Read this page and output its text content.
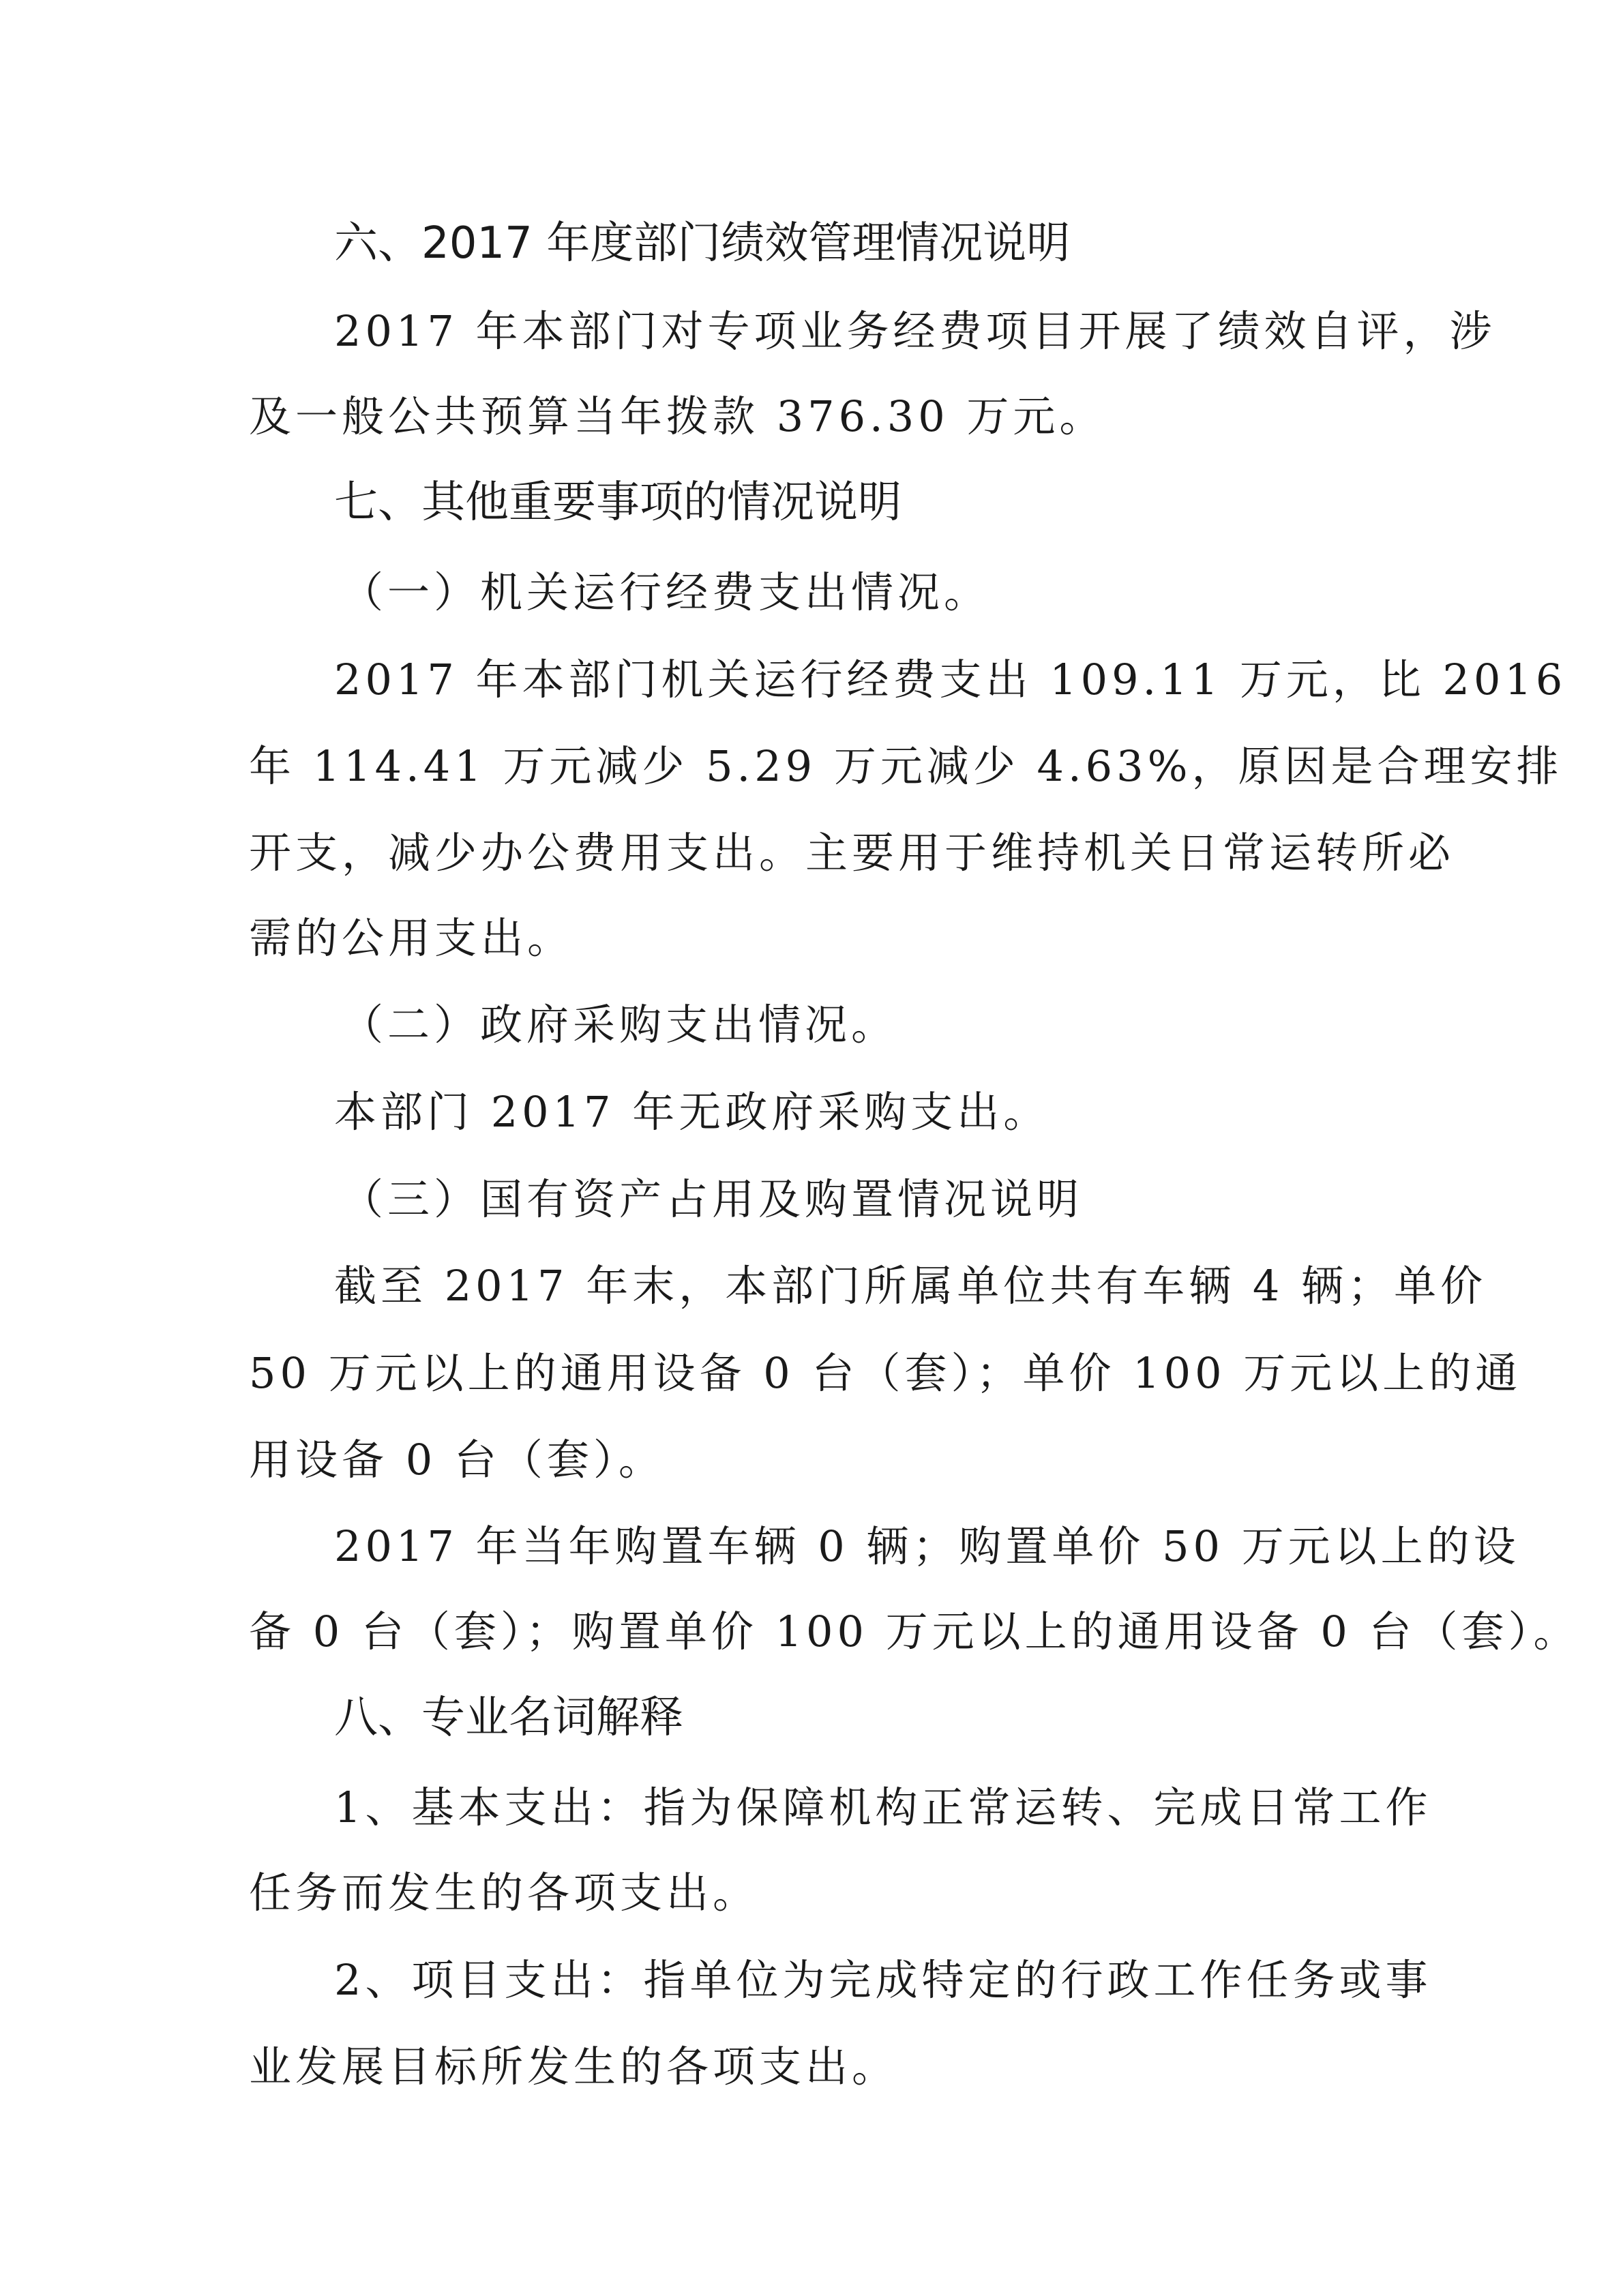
六、2017 年度部门绩效管理情况说明
2017 年本部门对专项业务经费项目开展了绩效自评，涉
及一般公共预算当年拨款 376.30 万元。
七、其他重要事项的情况说明
（一）机关运行经费支出情况。
2017 年本部门机关运行经费支出 109.11 万元，比 2016
年 114.41 万元减少 5.29 万元减少 4.63%，原因是合理安排
开支，减少办公费用支出。主要用于维持机关日常运转所必
需的公用支出。
（二）政府采购支出情况。
本部门 2017 年无政府采购支出。
（三）国有资产占用及购置情况说明
截至 2017 年末，本部门所属单位共有车辆 4 辆；单价
50 万元以上的通用设备 0 台（套）；单价 100 万元以上的通
用设备 0 台（套）。
2017 年当年购置车辆 0 辆；购置单价 50 万元以上的设
备 0 台（套）；购置单价 100 万元以上的通用设备 0 台（套）。
八、专业名词解释
1、基本支出：指为保障机构正常运转、完成日常工作
任务而发生的各项支出。
2、项目支出：指单位为完成特定的行政工作任务或事
业发展目标所发生的各项支出。
